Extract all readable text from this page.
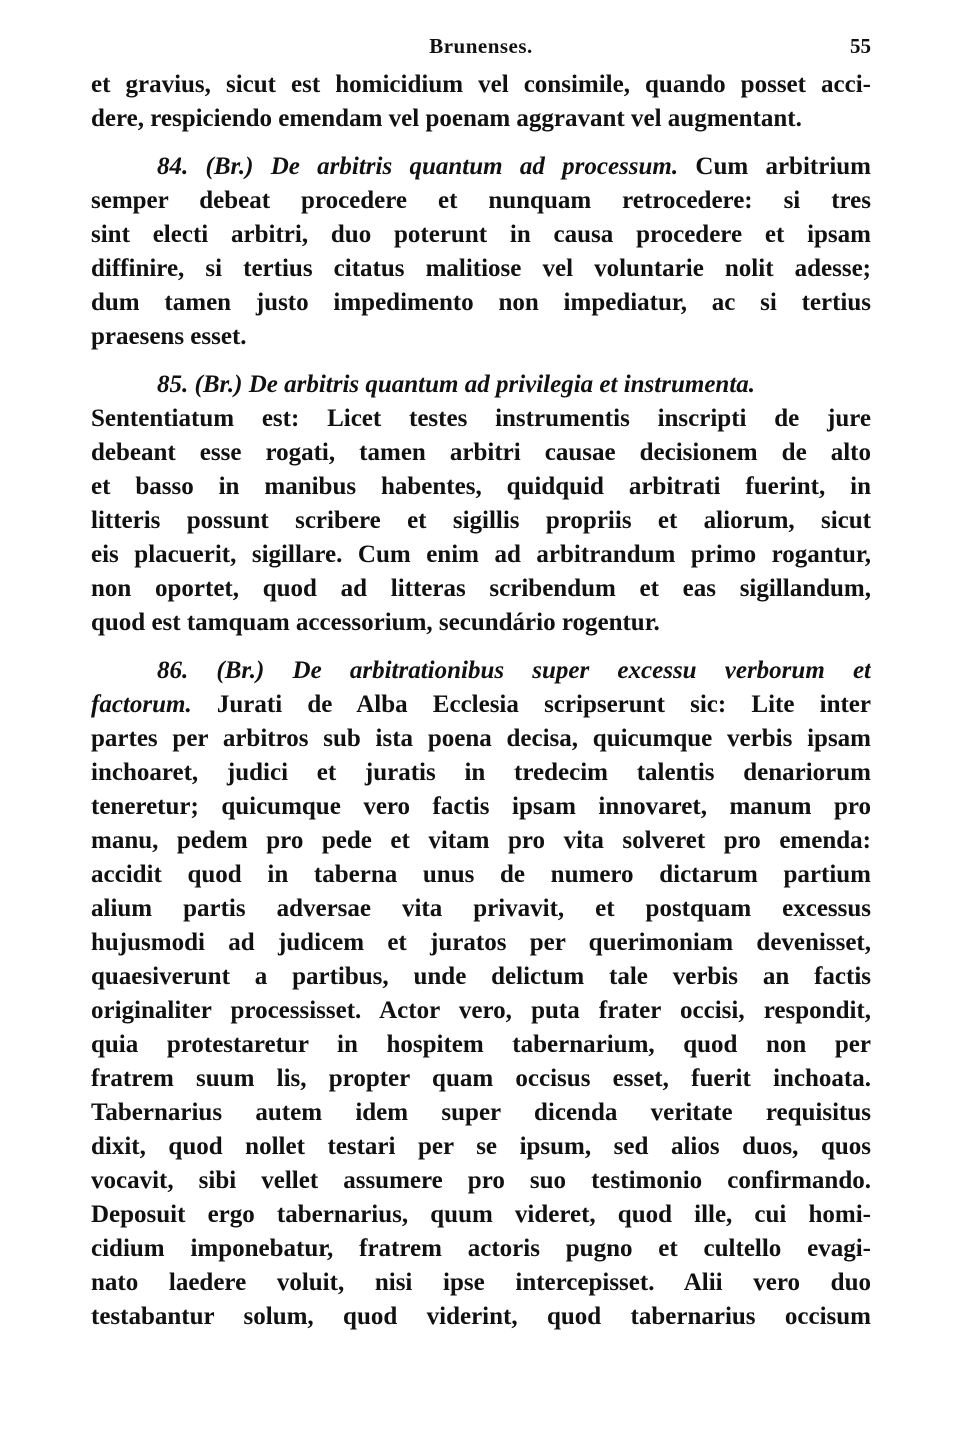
Brunenses.	55
et gravius, sicut est homicidium vel consimile, quando posset acci-
dere, respiciendo emendam vel poenam aggravant vel augmentant.
84. (Br.) De arbitris quantum ad processum. Cum arbitrium
semper debeat procedere et nunquam retrocedere: si tres
sint electi arbitri, duo poterunt in causa procedere et ipsam
diffinire, si tertius citatus malitiose vel voluntarie nolit adesse;
dum tamen justo impedimento non impediatur, ac si tertius
praesens esset.
85. (Br.) De arbitris quantum ad privilegia et instrumenta.
Sententiatum est: Licet testes instrumentis inscripti de jure
debeant esse rogati, tamen arbitri causae decisionem de alto
et basso in manibus habentes, quidquid arbitrati fuerint, in
litteris possunt scribere et sigillis propriis et aliorum, sicut
eis placuerit, sigillare. Cum enim ad arbitrandum primo rogantur,
non oportet, quod ad litteras scribendum et eas sigillandum,
quod est tamquam accessorium, secundário rogentur.
86. (Br.) De arbitrationibus super excessu verborum et
factorum. Jurati de Alba Ecclesia scripserunt sic: Lite inter
partes per arbitros sub ista poena decisa, quicumque verbis ipsam
inchoaret, judici et juratis in tredecim talentis denariorum
teneretur; quicumque vero factis ipsam innovaret, manum pro
manu, pedem pro pede et vitam pro vita solveret pro emenda:
accidit quod in taberna unus de numero dictarum partium
alium partis adversae vita privavit, et postquam excessus
hujusmodi ad judicem et juratos per querimoniam devenisset,
quaesiverunt a partibus, unde delictum tale verbis an factis
originaliter processisset. Actor vero, puta frater occisi, respondit,
quia protestaretur in hospitem tabernarium, quod non per
fratrem suum lis, propter quam occisus esset, fuerit inchoata.
Tabernarius autem idem super dicenda veritate requisitus
dixit, quod nollet testari per se ipsum, sed alios duos, quos
vocavit, sibi vellet assumere pro suo testimonio confirmando.
Deposuit ergo tabernarius, quum videret, quod ille, cui homi-
cidium imponebatur, fratrem actoris pugno et cultello evagi-
nato laedere voluit, nisi ipse intercepisset. Alii vero duo
testabantur solum, quod viderint, quod tabernarius occisum
